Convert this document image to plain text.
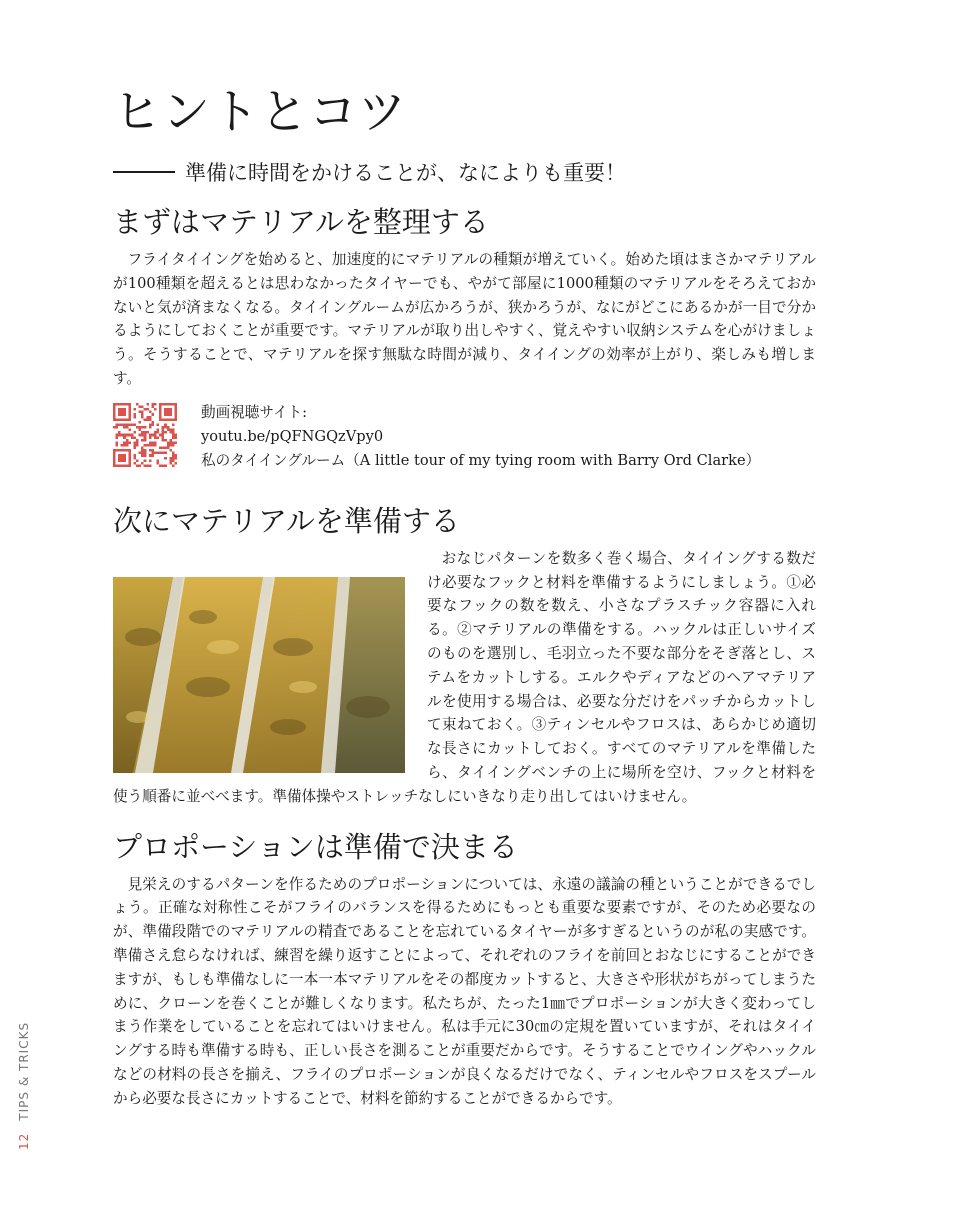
ヒントとコツ
準備に時間をかけることが、なによりも重要！
まずはマテリアルを整理する

フライタイイングを始めると、加速度的にマテリアルの種類が増えていく。始めた頃はまさかマテリアルが100種類を超えるとは思わなかったタイヤーでも、やがて部屋に1000種類のマテリアルをそろえておかないと気が済まなくなる。タイイングルームが広かろうが、狭かろうが、なにがどこにあるかが一目で分かるようにしておくことが重要です。マテリアルが取り出しやすく、覚えやすい収納システムを心がけましょう。そうすることで、マテリアルを探す無駄な時間が減り、タイイングの効率が上がり、楽しみも増します。

動画視聴サイト:
youtu.be/pQFNGQzVpy0
私のタイイングルーム（A little tour of my tying room with Barry Ord Clarke）
次にマテリアルを準備する

おなじパターンを数多く巻く場合、タイイングする数だけ必要なフックと材料を準備するようにしましょう。①必要なフックの数を数え、小さなプラスチック容器に入れる。②マテリアルの準備をする。ハックルは正しいサイズのものを選別し、毛羽立った不要な部分をそぎ落とし、ステムをカットしする。エルクやディアなどのヘアマテリアルを使用する場合は、必要な分だけをパッチからカットして束ねておく。③ティンセルやフロスは、あらかじめ適切な長さにカットしておく。すべてのマテリアルを準備したら、タイイングベンチの上に場所を空け、フックと材料を使う順番に並べべます。準備体操やストレッチなしにいきなり走り出してはいけません。

プロポーションは準備で決まる

見栄えのするパターンを作るためのプロポーションについては、永遠の議論の種ということができるでしょう。正確な対称性こそがフライのバランスを得るためにもっとも重要な要素ですが、そのため必要なのが、準備段階でのマテリアルの精査であることを忘れているタイヤーが多すぎるというのが私の実感です。準備さえ怠らなければ、練習を繰り返すことによって、それぞれのフライを前回とおなじにすることができますが、もしも準備なしに一本一本マテリアルをその都度カットすると、大きさや形状がちがってしまうために、クローンを巻くことが難しくなります。私たちが、たった1㎜でプロポーションが大きく変わってしまう作業をしていることを忘れてはいけません。私は手元に30㎝の定規を置いていますが、それはタイイングする時も準備する時も、正しい長さを測ることが重要だからです。そうすることでウイングやハックルなどの材料の長さを揃え、フライのプロポーションが良くなるだけでなく、ティンセルやフロスをスプールから必要な長さにカットすることで、材料を節約することができるからです。

12TIPS & TRICKS
